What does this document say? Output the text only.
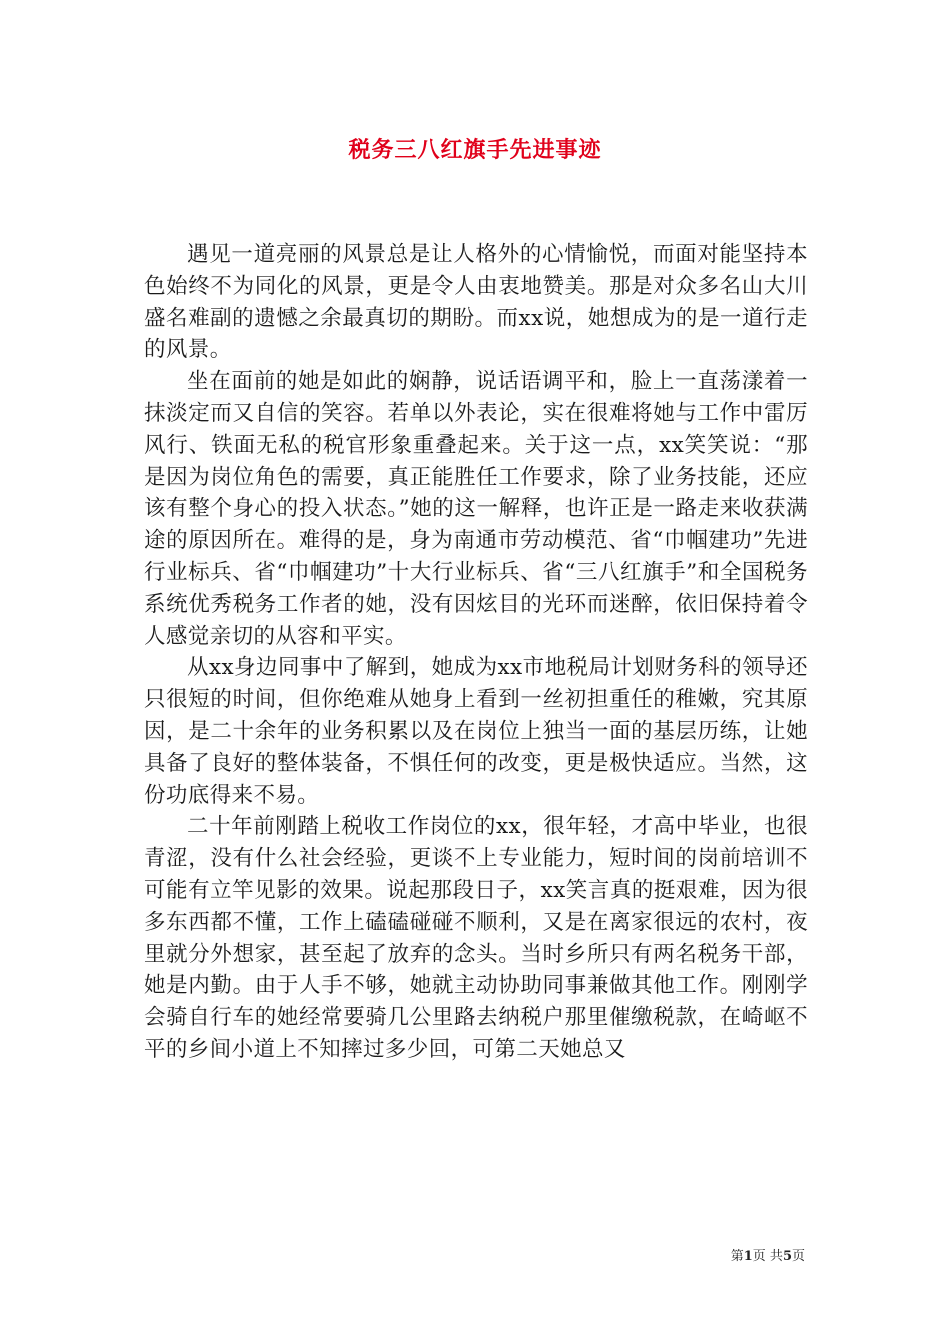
税务三八红旗手先进事迹

遇见一道亮丽的风景总是让人格外的心情愉悦，而面对能坚持本色始终不为同化的风景，更是令人由衷地赞美。那是对众多名山大川盛名难副的遗憾之余最真切的期盼。而xx说，她想成为的是一道行走的风景。

坐在面前的她是如此的娴静，说话语调平和，脸上一直荡漾着一抹淡定而又自信的笑容。若单以外表论，实在很难将她与工作中雷厉风行、铁面无私的税官形象重叠起来。关于这一点，xx笑笑说：“那是因为岗位角色的需要，真正能胜任工作要求，除了业务技能，还应该有整个身心的投入状态。”她的这一解释，也许正是一路走来收获满途的原因所在。难得的是，身为南通市劳动模范、省“巾帼建功”先进行业标兵、省“巾帼建功”十大行业标兵、省“三八红旗手”和全国税务系统优秀税务工作者的她，没有因炫目的光环而迷醉，依旧保持着令人感觉亲切的从容和平实。

从xx身边同事中了解到，她成为xx市地税局计划财务科的领导还只很短的时间，但你绝难从她身上看到一丝初担重任的稚嫩，究其原因，是二十余年的业务积累以及在岗位上独当一面的基层历练，让她具备了良好的整体装备，不惧任何的改变，更是极快适应。当然，这份功底得来不易。

二十年前刚踏上税收工作岗位的xx，很年轻，才高中毕业，也很青涩，没有什么社会经验，更谈不上专业能力，短时间的岗前培训不可能有立竿见影的效果。说起那段日子，xx笑言真的挺艰难，因为很多东西都不懂，工作上磕磕碰碰不顺利，又是在离家很远的农村，夜里就分外想家，甚至起了放弃的念头。当时乡所只有两名税务干部，她是内勤。由于人手不够，她就主动协助同事兼做其他工作。刚刚学会骑自行车的她经常要骑几公里路去纳税户那里催缴税款，在崎岖不平的乡间小道上不知摔过多少回，可第二天她总又

第1页 共5页
